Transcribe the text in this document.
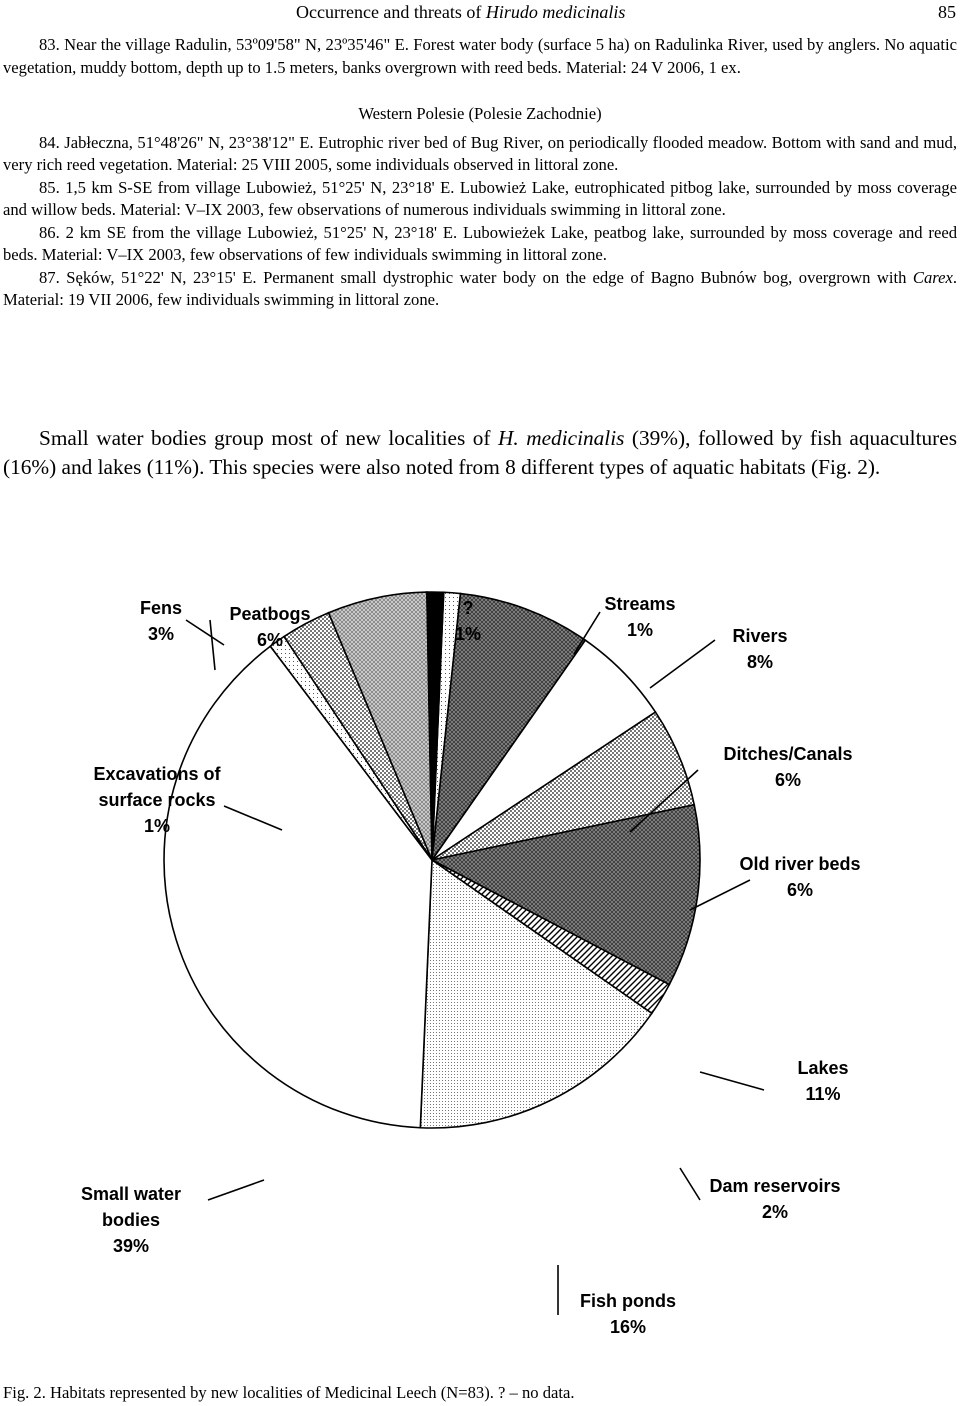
Occurrence and threats of Hirudo medicinalis	85

83. Near the village Radulin, 53º09'58" N, 23º35'46" E. Forest water body (surface 5 ha) on Radulinka River, used by anglers. No aquatic vegetation, muddy bottom, depth up to 1.5 meters, banks overgrown with reed beds. Material: 24 V 2006, 1 ex.

Western Polesie (Polesie Zachodnie)

84. Jabłeczna, 51°48'26" N, 23°38'12" E. Eutrophic river bed of Bug River, on periodically flooded meadow. Bottom with sand and mud, very rich reed vegetation. Material: 25 VIII 2005, some individuals observed in littoral zone.

85. 1,5 km S-SE from village Lubowież, 51°25' N, 23°18' E. Lubowież Lake, eutrophicated pitbog lake, surrounded by moss coverage and willow beds. Material: V–IX 2003, few observations of numerous individuals swimming in littoral zone.

86. 2 km SE from the village Lubowież, 51°25' N, 23°18' E. Lubowieżek Lake, peatbog lake, surrounded by moss coverage and reed beds. Material: V–IX 2003, few observations of few individuals swimming in littoral zone.

87. Sęków, 51°22' N, 23°15' E. Permanent small dystrophic water body on the edge of Bagno Bubnów bog, overgrown with Carex. Material: 19 VII 2006, few individuals swimming in littoral zone.

Small water bodies group most of new localities of H. medicinalis (39%), followed by fish aquacultures (16%) and lakes (11%). This species were also noted from 8 different types of aquatic habitats (Fig. 2).

Fens 3%
Peatbogs 6%
? 1%
Streams 1%	Rivers 8%
Excavations of surface rocks 1%
Ditches/Canals 6%
Old river beds 6%
Lakes 11%
Small water bodies 39%
Dam reservoirs 2%
Fish ponds 16%

Fig. 2. Habitats represented by new localities of Medicinal Leech (N=83). ? – no data.
